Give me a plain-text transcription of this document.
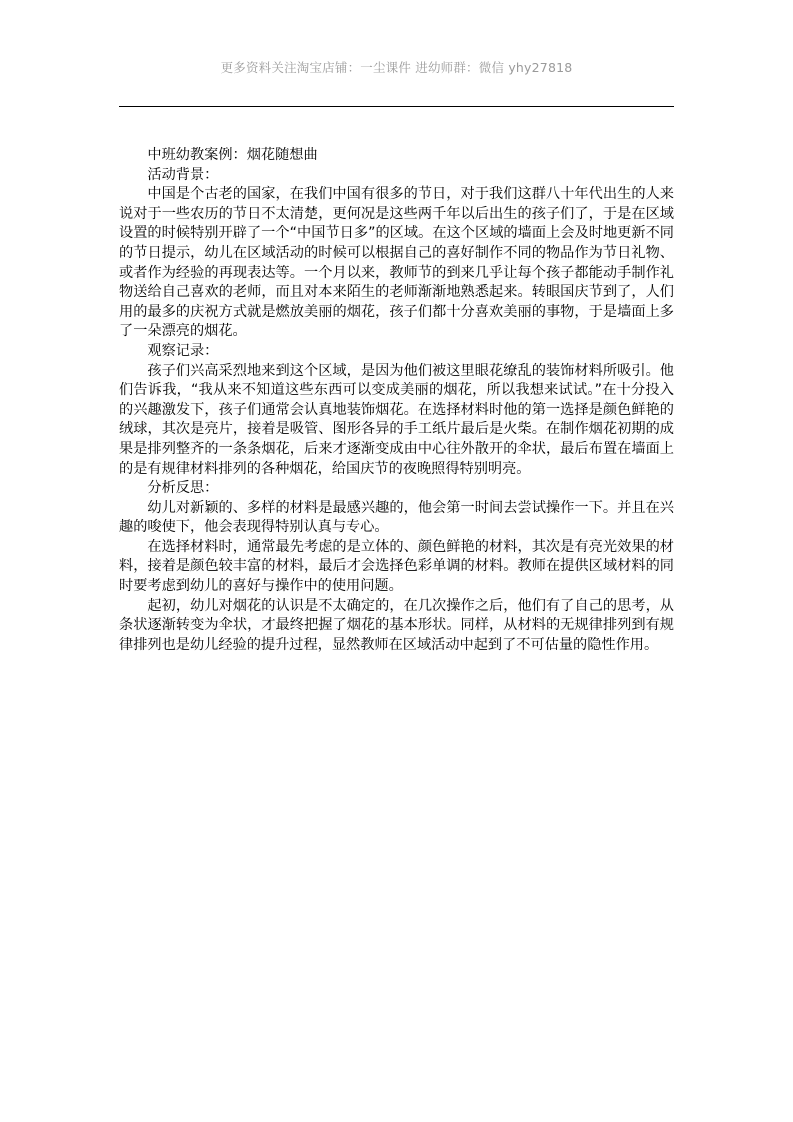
更多资料关注淘宝店铺：一尘课件 进幼师群：微信 yhy27818

中班幼教案例：烟花随想曲

活动背景：

中国是个古老的国家，在我们中国有很多的节日，对于我们这群八十年代出生的人来说对于一些农历的节日不太清楚，更何况是这些两千年以后出生的孩子们了，于是在区域设置的时候特别开辟了一个“中国节日多”的区域。在这个区域的墙面上会及时地更新不同的节日提示，幼儿在区域活动的时候可以根据自己的喜好制作不同的物品作为节日礼物、或者作为经验的再现表达等。一个月以来，教师节的到来几乎让每个孩子都能动手制作礼物送给自己喜欢的老师，而且对本来陌生的老师渐渐地熟悉起来。转眼国庆节到了，人们用的最多的庆祝方式就是燃放美丽的烟花，孩子们都十分喜欢美丽的事物，于是墙面上多了一朵漂亮的烟花。

观察记录：

孩子们兴高采烈地来到这个区域，是因为他们被这里眼花缭乱的装饰材料所吸引。他们告诉我，“我从来不知道这些东西可以变成美丽的烟花，所以我想来试试。”在十分投入的兴趣激发下，孩子们通常会认真地装饰烟花。在选择材料时他的第一选择是颜色鲜艳的绒球，其次是亮片，接着是吸管、图形各异的手工纸片最后是火柴。在制作烟花初期的成果是排列整齐的一条条烟花，后来才逐渐变成由中心往外散开的伞状，最后布置在墙面上的是有规律材料排列的各种烟花，给国庆节的夜晚照得特别明亮。

分析反思：

幼儿对新颖的、多样的材料是最感兴趣的，他会第一时间去尝试操作一下。并且在兴趣的唆使下，他会表现得特别认真与专心。

在选择材料时，通常最先考虑的是立体的、颜色鲜艳的材料，其次是有亮光效果的材料，接着是颜色较丰富的材料，最后才会选择色彩单调的材料。教师在提供区域材料的同时要考虑到幼儿的喜好与操作中的使用问题。

起初，幼儿对烟花的认识是不太确定的，在几次操作之后，他们有了自己的思考，从条状逐渐转变为伞状，才最终把握了烟花的基本形状。同样，从材料的无规律排列到有规律排列也是幼儿经验的提升过程，显然教师在区域活动中起到了不可估量的隐性作用。
